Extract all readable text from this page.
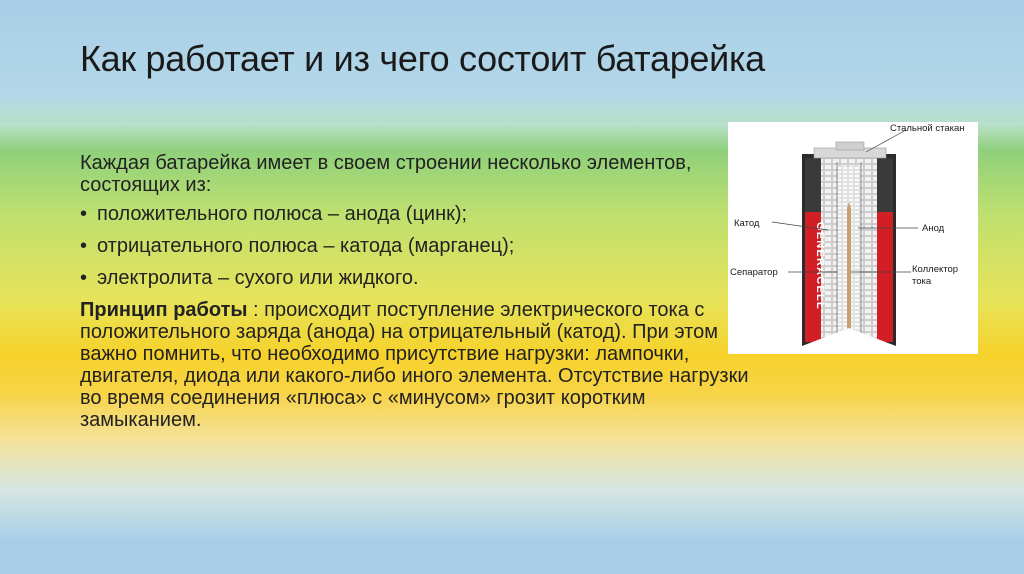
Как работает и из чего состоит батарейка

Каждая батарейка имеет в своем строении несколько элементов, состоящих из:

• положительного полюса – анода (цинк);
• отрицательного полюса – катода (марганец);
• электролита – сухого или жидкого.

Принцип работы : происходит поступление электрического тока с положительного заряда (анода) на отрицательный (катод). При этом важно помнить, что необходимо присутствие нагрузки: лампочки, двигателя, диода или какого-либо иного элемента. Отсутствие нагрузки во время соединения «плюса» с «минусом» грозит коротким замыканием.

GENERACELL
Стальной стакан
Катод	Анод
Сепаратор	Коллектор
тока
